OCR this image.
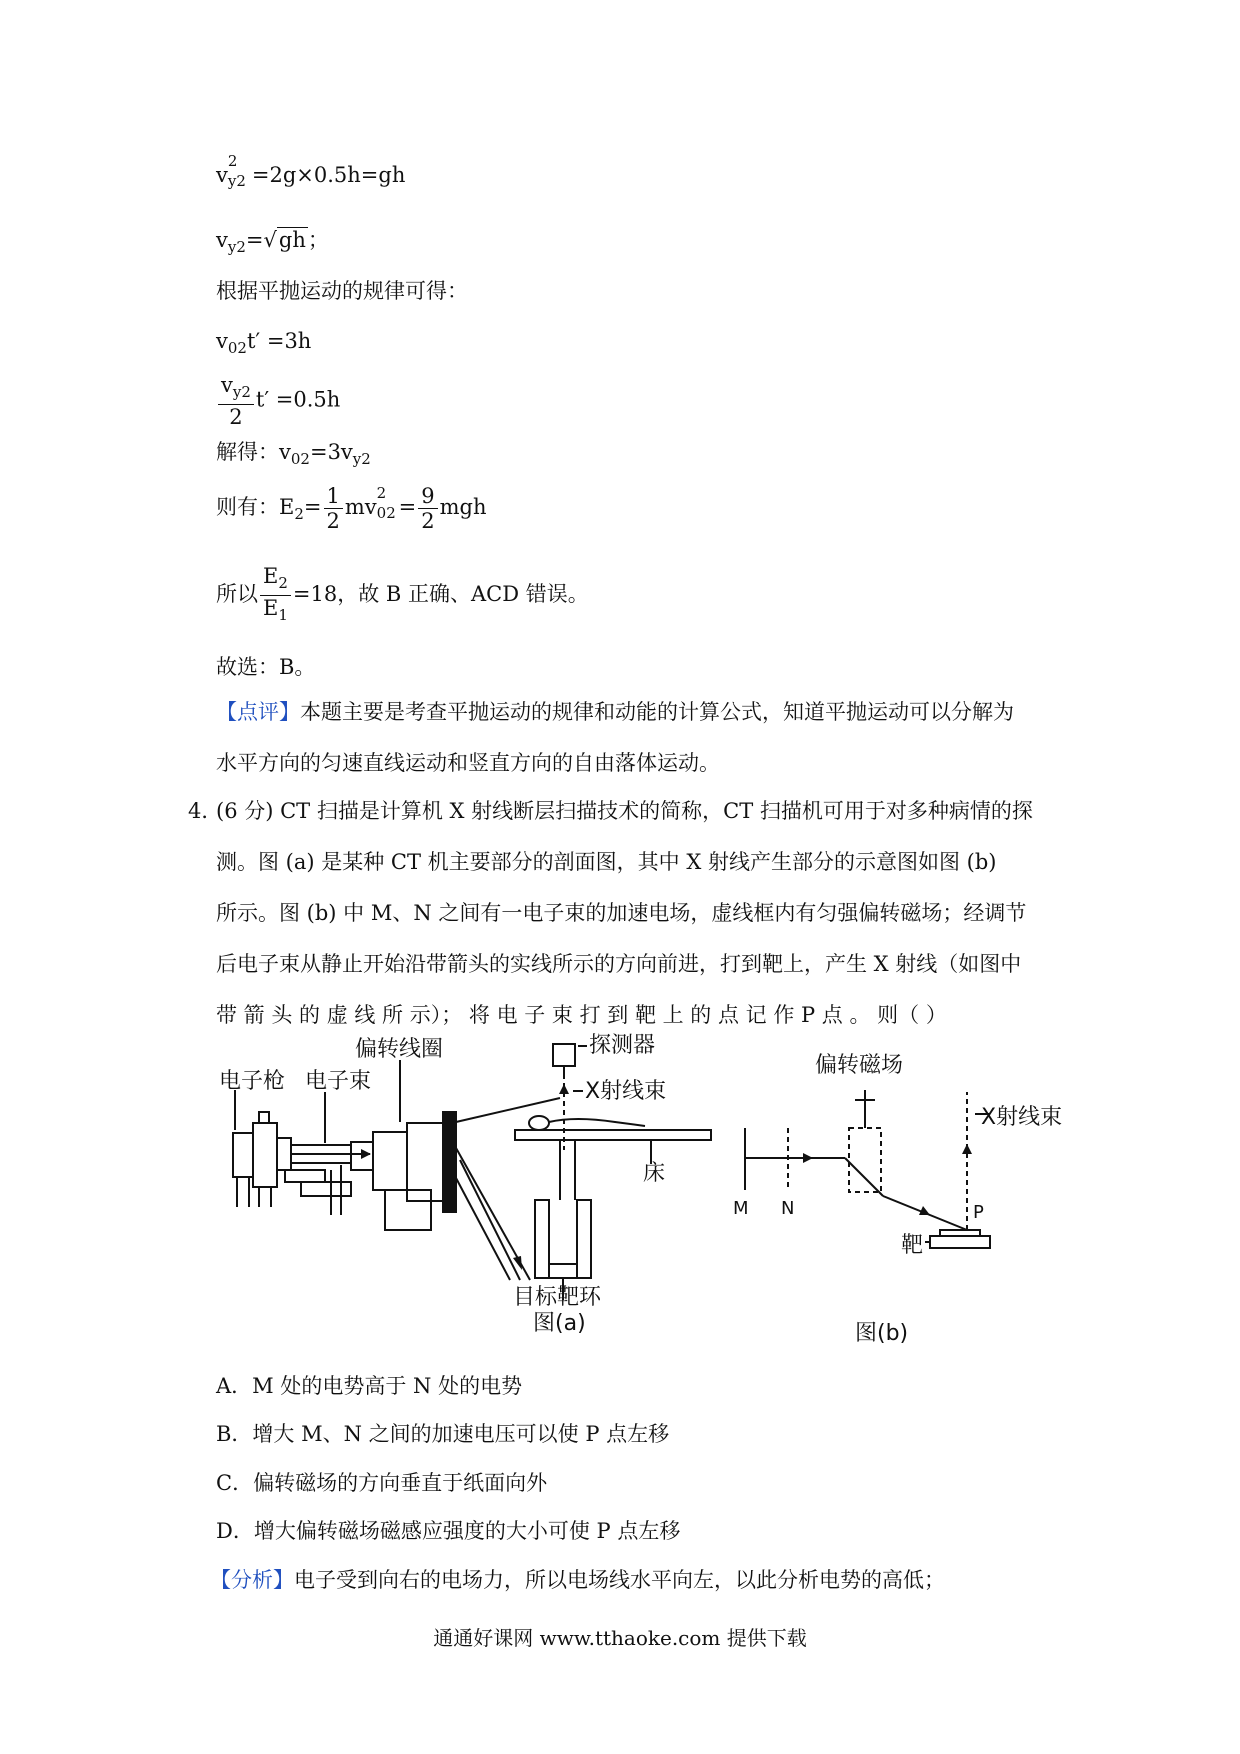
v
2
y2 =2g×0.5h=gh
$v_{y2}=√gh$；
根据平抛运动的规律可得：
$v_{02}t' =3h$
$\frac{v_{y2}}{2} t' =0.5h$
解得：$v_{02}=3v_{y2}$
则有：$E_2= \frac{1}{2}$ mv
2
$02 = \frac{9}{2}$ mgh
所以 $\frac{E_2}{E_1} =18$，故 B 正确、ACD 错误。
故选：B。
【点评】本题主要是考查平抛运动的规律和动能的计算公式，知道平抛运动可以分解为
水平方向的匀速直线运动和竖直方向的自由落体运动。
4．
(6 分) CT 扫描是计算机 X 射线断层扫描技术的简称，CT 扫描机可用于对多种病情的探
测。图 (a) 是某种 CT 机主要部分的剖面图，其中 X 射线产生部分的示意图如图 (b)
所示。图 (b) 中 M、N 之间有一电子束的加速电场，虚线框内有匀强偏转磁场；经调节
后电子束从静止开始沿带箭头的实线所示的方向前进，打到靶上，产生 X 射线（如图中
带 箭 头 的 虚 线 所 示）； 将 电 子 束 打 到 靶 上 的 点 记 作 P 点 。 则（ ）
偏转线圈	探测器
电子枪 电子束	X射线束
床
目标靶环
图(a)
偏转磁场
X射线束
M N	P
靶
图(b)
A．M 处的电势高于 N 处的电势
B．增大 M、N 之间的加速电压可以使 P 点左移
C．偏转磁场的方向垂直于纸面向外
D．增大偏转磁场磁感应强度的大小可使 P 点左移
【分析】电子受到向右的电场力，所以电场线水平向左，以此分析电势的高低；
通通好课网 www.tthaoke.com 提供下载
